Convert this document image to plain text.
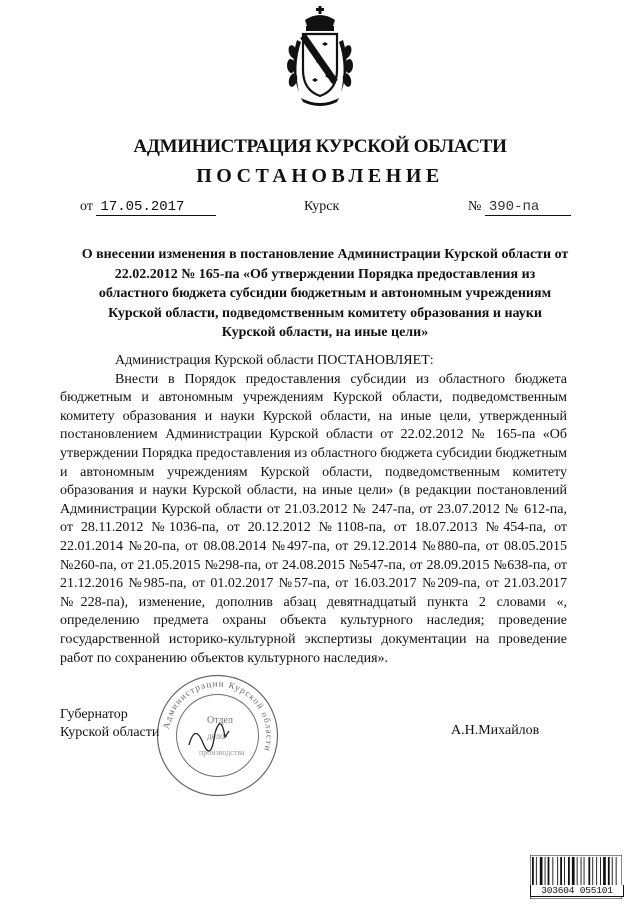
АДМИНИСТРАЦИЯ КУРСКОЙ ОБЛАСТИ
ПОСТАНОВЛЕНИЕ
от 17.05.2017	Курск	№ 390-па
О внесении изменения в постановление Администрации Курской области от 22.02.2012 № 165-па «Об утверждении Порядка предоставления из областного бюджета субсидии бюджетным и автономным учреждениям Курской области, подведомственным комитету образования и науки Курской области, на иные цели»

Администрация Курской области ПОСТАНОВЛЯЕТ:

Внести в Порядок предоставления субсидии из областного бюджета бюджетным и автономным учреждениям Курской области, подведомственным комитету образования и науки Курской области, на иные цели, утвержденный постановлением Администрации Курской области от 22.02.2012 № 165-па «Об утверждении Порядка предоставления из областного бюджета субсидии бюджетным и автономным учреждениям Курской области, подведомственным комитету образования и науки Курской области, на иные цели» (в редакции постановлений Администрации Курской области от 21.03.2012 № 247-па, от 23.07.2012 № 612-па, от 28.11.2012 №1036-па, от 20.12.2012 №1108-па, от 18.07.2013 №454-па, от 22.01.2014 №20-па, от 08.08.2014 №497-па, от 29.12.2014 №880-па, от 08.05.2015 №260-па, от 21.05.2015 №298-па, от 24.08.2015 №547-па, от 28.09.2015 №638-па, от 21.12.2016 №985-па, от 01.02.2017 №57-па, от 16.03.2017 №209-па, от 21.03.2017 №228-па), изменение, дополнив абзац девятнадцатый пункта 2 словами «, определению предмета охраны объекта культурного наследия; проведение государственной историко-культурной экспертизы документации на проведение работ по сохранению объектов культурного наследия».

Губернатор
Курской области	А.Н.Михайлов
Администрации Курской области
Отдел
дело-
производства
303604 055101
